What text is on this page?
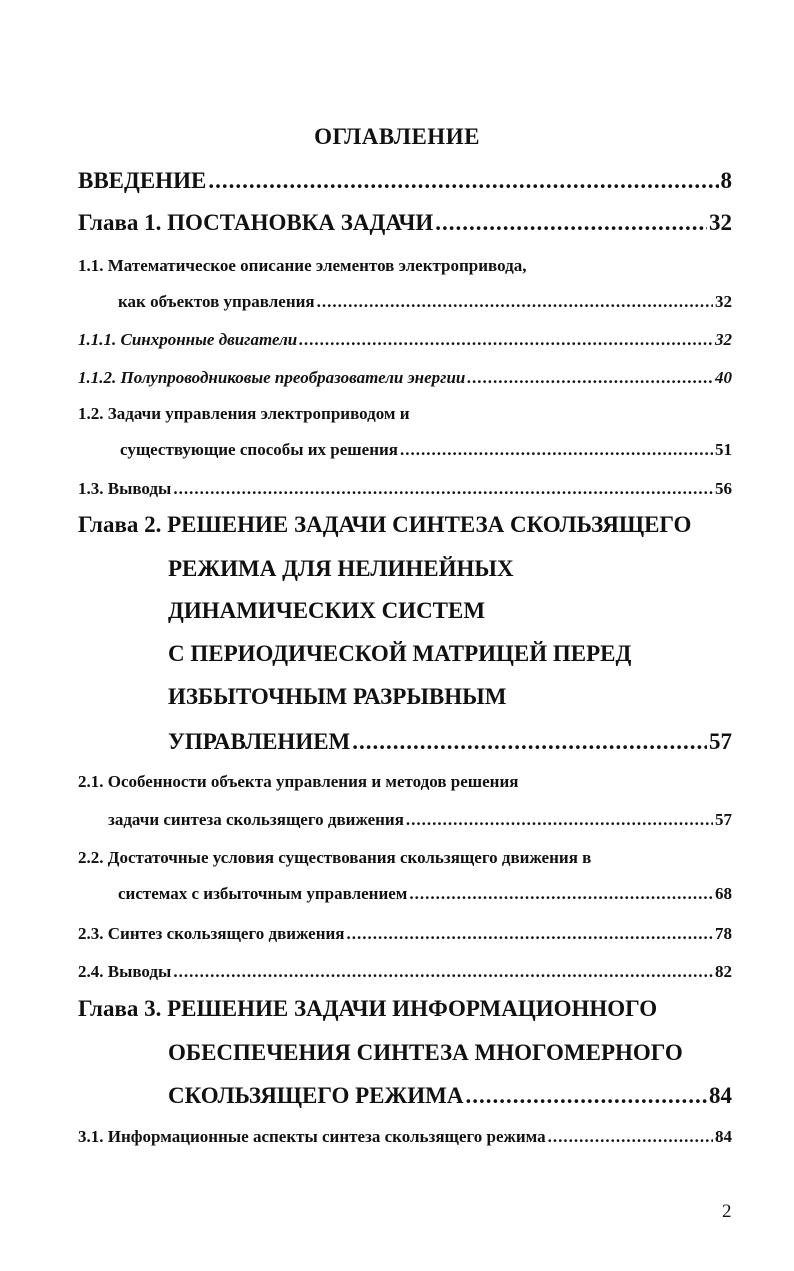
ОГЛАВЛЕНИЕ
ВВЕДЕНИЕ .....	8
Глава 1. ПОСТАНОВКА ЗАДАЧИ .....	32
1.1. Математическое описание элементов электропривода,
как объектов управления .....	32
1.1.1. Синхронные двигатели .....	32
1.1.2. Полупроводниковые преобразователи энергии .....	40
1.2. Задачи управления электроприводом и
существующие способы их решения .....	51
1.3. Выводы .....	56
Глава 2. РЕШЕНИЕ ЗАДАЧИ СИНТЕЗА СКОЛЬЗЯЩЕГО
РЕЖИМА ДЛЯ НЕЛИНЕЙНЫХ
ДИНАМИЧЕСКИХ СИСТЕМ
С ПЕРИОДИЧЕСКОЙ МАТРИЦЕЙ ПЕРЕД
ИЗБЫТОЧНЫМ РАЗРЫВНЫМ
УПРАВЛЕНИЕМ .....	57
2.1. Особенности объекта управления и методов решения
задачи синтеза скользящего движения .....	57
2.2. Достаточные условия существования скользящего движения в
системах с избыточным управлением .....	68
2.3. Синтез скользящего движения .....	78
2.4. Выводы .....	82
Глава 3. РЕШЕНИЕ ЗАДАЧИ ИНФОРМАЦИОННОГО
ОБЕСПЕЧЕНИЯ СИНТЕЗА МНОГОМЕРНОГО
СКОЛЬЗЯЩЕГО РЕЖИМА .....	84
3.1. Информационные аспекты синтеза скользящего режима .....	84
2
